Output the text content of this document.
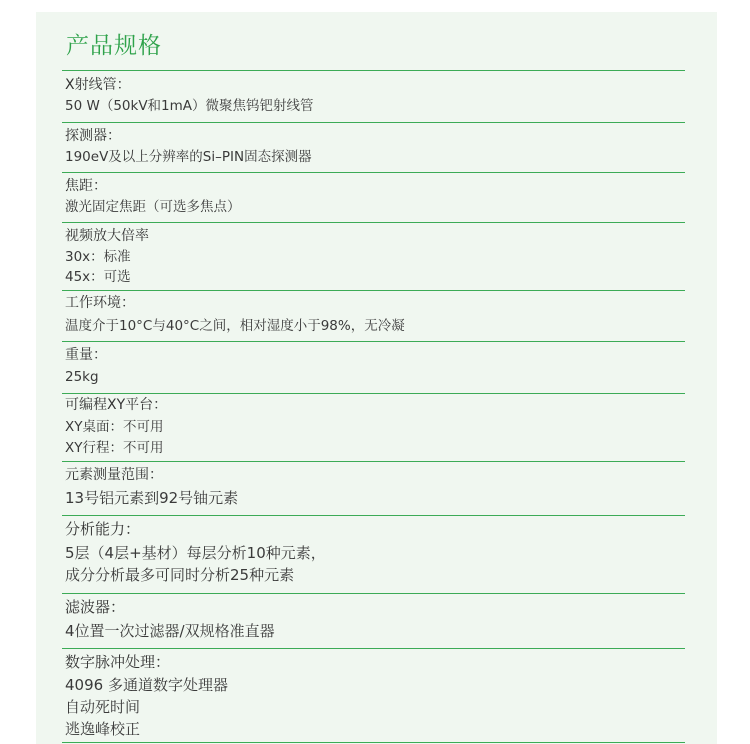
产品规格
X射线管：
50 W（50kV和1mA）微聚焦钨钯射线管
探测器：
190eV及以上分辨率的Si–PIN固态探测器
焦距：
激光固定焦距（可选多焦点）
视频放大倍率
30x：标准
45x：可选
工作环境：
温度介于10°C与40°C之间，相对湿度小于98%，无冷凝
重量：
25kg
可编程XY平台：
XY桌面：不可用
XY行程：不可用
元素测量范围：
13号铝元素到92号铀元素
分析能力：
5层（4层+基材）每层分析10种元素，
成分分析最多可同时分析25种元素
滤波器：
4位置一次过滤器/双规格准直器
数字脉冲处理：
4096 多通道数字处理器
自动死时间
逃逸峰校正
